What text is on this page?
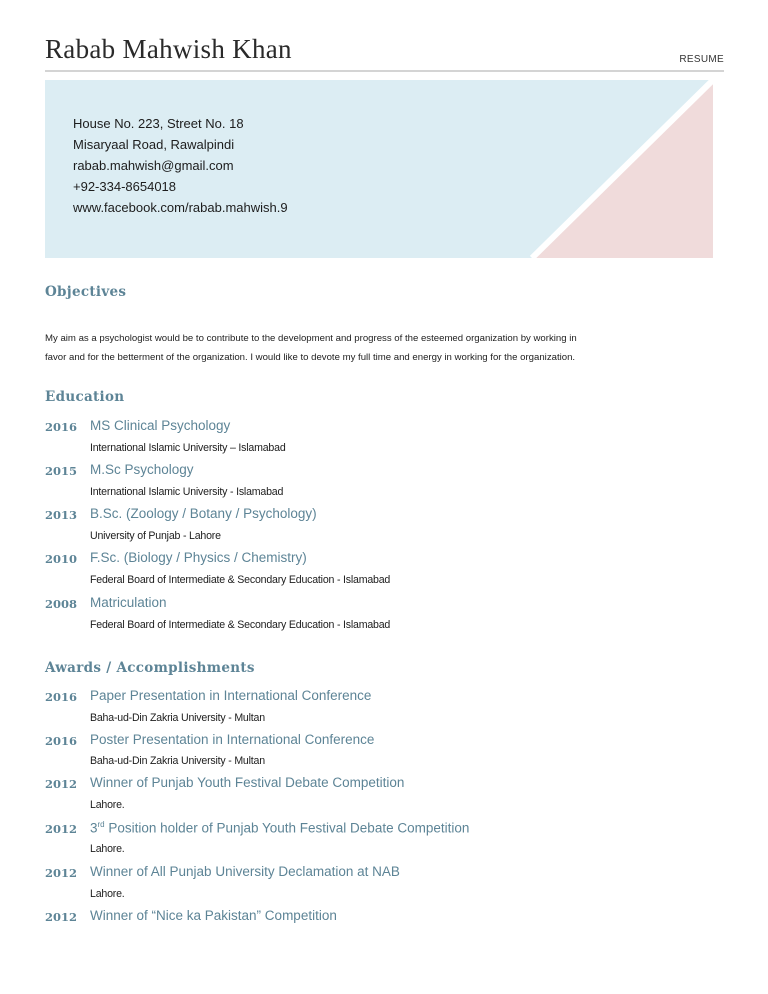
Rabab Mahwish Khan	RESUME
House No. 223, Street No. 18
Misaryaal Road, Rawalpindi
rabab.mahwish@gmail.com
+92-334-8654018
www.facebook.com/rabab.mahwish.9
Objectives
My aim as a psychologist would be to contribute to the development and progress of the esteemed organization by working in
favor and for the betterment of the organization. I would like to devote my full time and energy in working for the organization.
Education
2016 MS Clinical Psychology
International Islamic University – Islamabad
2015 M.Sc Psychology
International Islamic University - Islamabad
2013 B.Sc. (Zoology / Botany / Psychology)
University of Punjab - Lahore
2010 F.Sc. (Biology / Physics / Chemistry)
Federal Board of Intermediate & Secondary Education - Islamabad
2008 Matriculation
Federal Board of Intermediate & Secondary Education - Islamabad
Awards / Accomplishments
2016 Paper Presentation in International Conference
Baha-ud-Din Zakria University - Multan
2016 Poster Presentation in International Conference
Baha-ud-Din Zakria University - Multan
2012 Winner of Punjab Youth Festival Debate Competition
Lahore.
2012 3rd Position holder of Punjab Youth Festival Debate Competition
Lahore.
2012 Winner of All Punjab University Declamation at NAB
Lahore.
2012 Winner of “Nice ka Pakistan” Competition
